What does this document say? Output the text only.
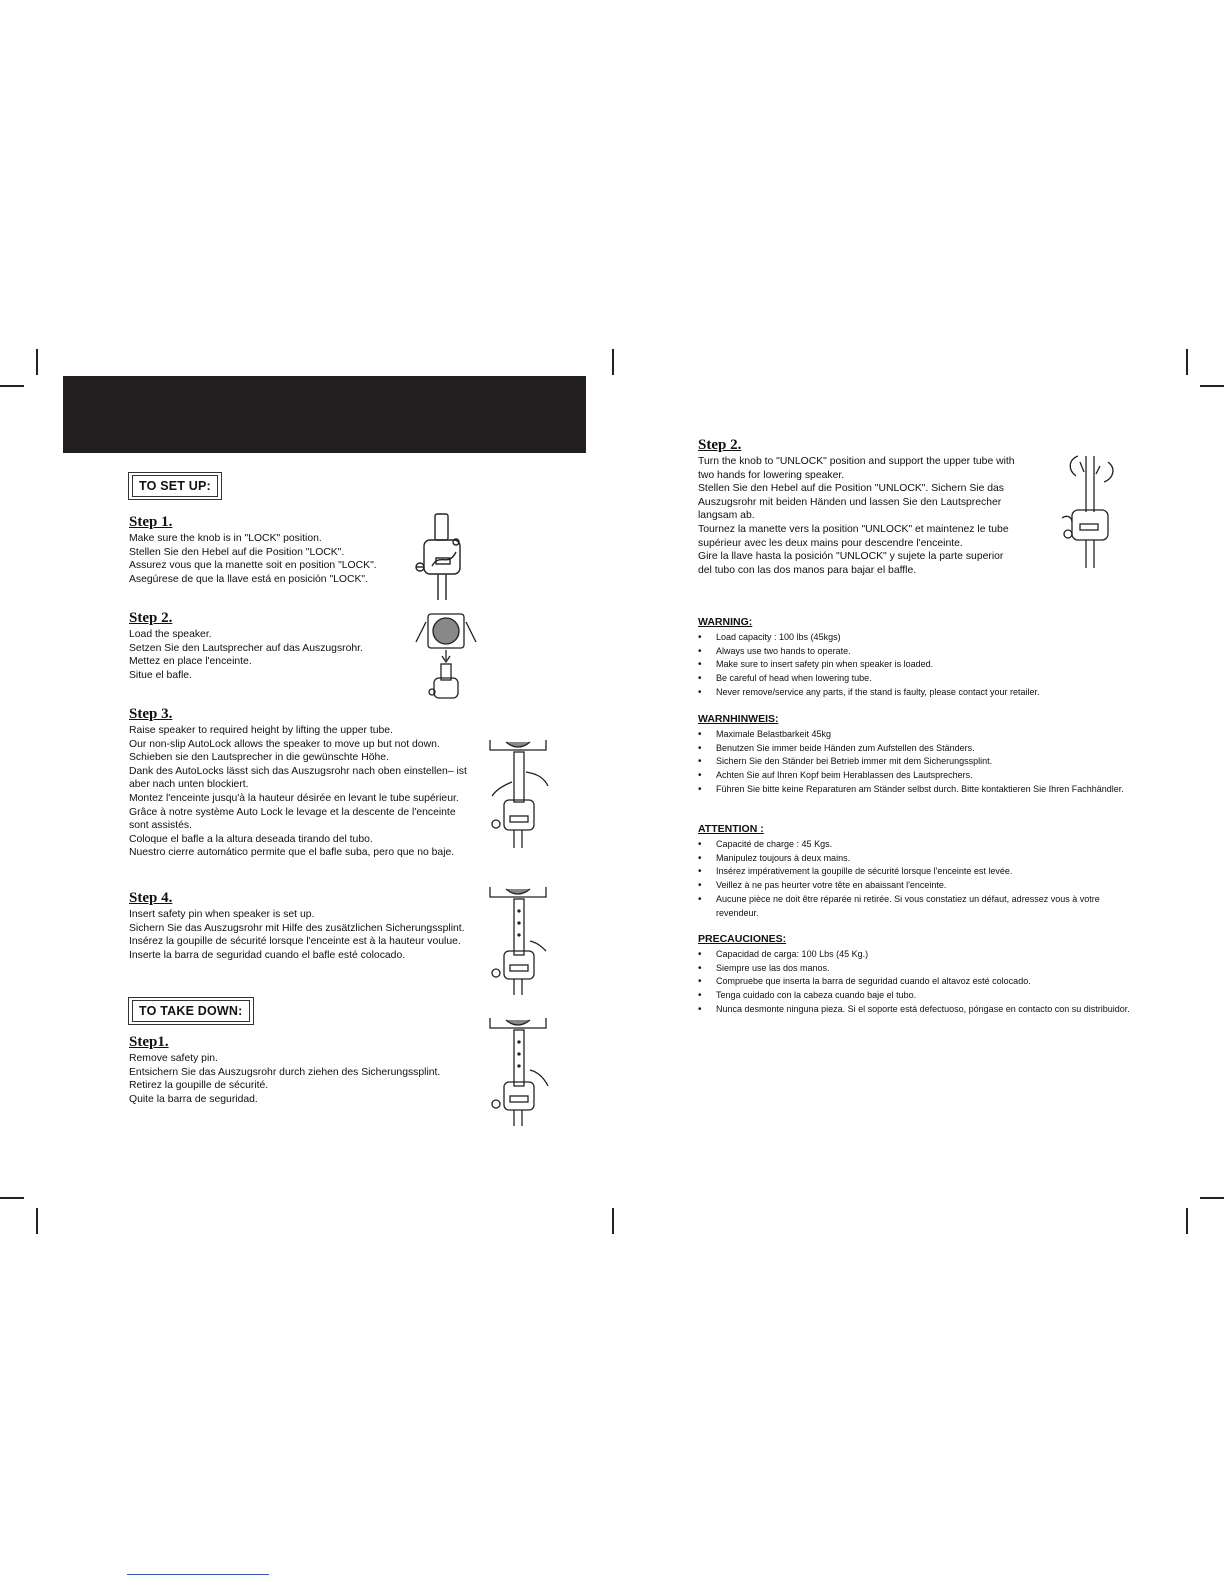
TO SET UP:
Step 1.

Make sure the knob is in "LOCK" position.

Stellen Sie den Hebel auf die Position "LOCK".

Assurez vous que la manette soit en position "LOCK".

Asegúrese de que la llave está en posición "LOCK".

Step 2.

Load the speaker.

Setzen Sie den Lautsprecher auf das Auszugsrohr.

Mettez en place l'enceinte.

Situe el bafle.

Step 3.

Raise speaker to required height by lifting the upper tube.

Our non-slip AutoLock allows the speaker to move up but not down.

Schieben sie den Lautsprecher in die gewünschte Höhe.

Dank des AutoLocks lässt sich das Auszugsrohr nach oben einstellen– ist

aber nach unten blockiert.

Montez l'enceinte jusqu'à la hauteur désirée en levant le tube supérieur.

Grâce à notre système Auto Lock le levage et la descente de l'enceinte

sont assistés.

Coloque el bafle a la altura deseada tirando del tubo.

Nuestro cierre automático permite que el bafle suba, pero que no baje.

Step 4.

Insert safety pin when speaker is set up.

Sichern Sie das Auszugsrohr mit Hilfe des zusätzlichen Sicherungssplint.

Insérez la goupille de sécurité lorsque l'enceinte est à la hauteur voulue.

Inserte la barra de seguridad cuando el bafle esté colocado.

TO TAKE DOWN:
Step1.

Remove safety pin.

Entsichern Sie das Auszugsrohr durch ziehen des Sicherungssplint.

Retirez la goupille de sécurité.

Quite la barra de seguridad.

Step 2.

Turn the knob to "UNLOCK" position and support the upper tube with

two hands for lowering speaker.

Stellen Sie den Hebel auf die Position "UNLOCK". Sichern Sie das

Auszugsrohr mit beiden Händen und lassen Sie den Lautsprecher

langsam ab.

Tournez la manette vers la position "UNLOCK" et maintenez le tube

supérieur avec les deux mains pour descendre l'enceinte.

Gire la llave hasta la posición "UNLOCK" y sujete la parte superior

del tubo con las dos manos para bajar el baffle.

WARNING:
• Load capacity : 100 lbs (45kgs)
• Always use two hands to operate.
• Make sure to insert safety pin when speaker is loaded.
• Be careful of head when lowering tube.
• Never remove/service any parts, if the stand is faulty, please contact your retailer.
WARNHINWEIS:
• Maximale Belastbarkeit 45kg
• Benutzen Sie immer beide Händen zum Aufstellen des Ständers.
• Sichern Sie den Ständer bei Betrieb immer mit dem Sicherungssplint.
• Achten Sie auf Ihren Kopf beim Herablassen des Lautsprechers.
• Führen Sie bitte keine Reparaturen am Ständer selbst durch. Bitte kontaktieren Sie Ihren Fachhändler.
ATTENTION :
• Capacité de charge : 45 Kgs.
• Manipulez toujours à deux mains.
• Insérez impérativement la goupille de sécurité lorsque l'enceinte est levée.
• Veillez à ne pas heurter votre tête en abaissant l'enceinte.
• Aucune pièce ne doit être réparée ni retirée. Si vous constatiez un défaut, adressez vous à votre revendeur.
PRECAUCIONES:
• Capacidad de carga: 100 Lbs (45 Kg.)
• Siempre use las dos manos.
• Compruebe que inserta la barra de seguridad cuando el altavoz esté colocado.
• Tenga cuidado con la cabeza cuando baje el tubo.
• Nunca desmonte ninguna pieza. Si el soporte está defectuoso, póngase en contacto con su distribuidor.
